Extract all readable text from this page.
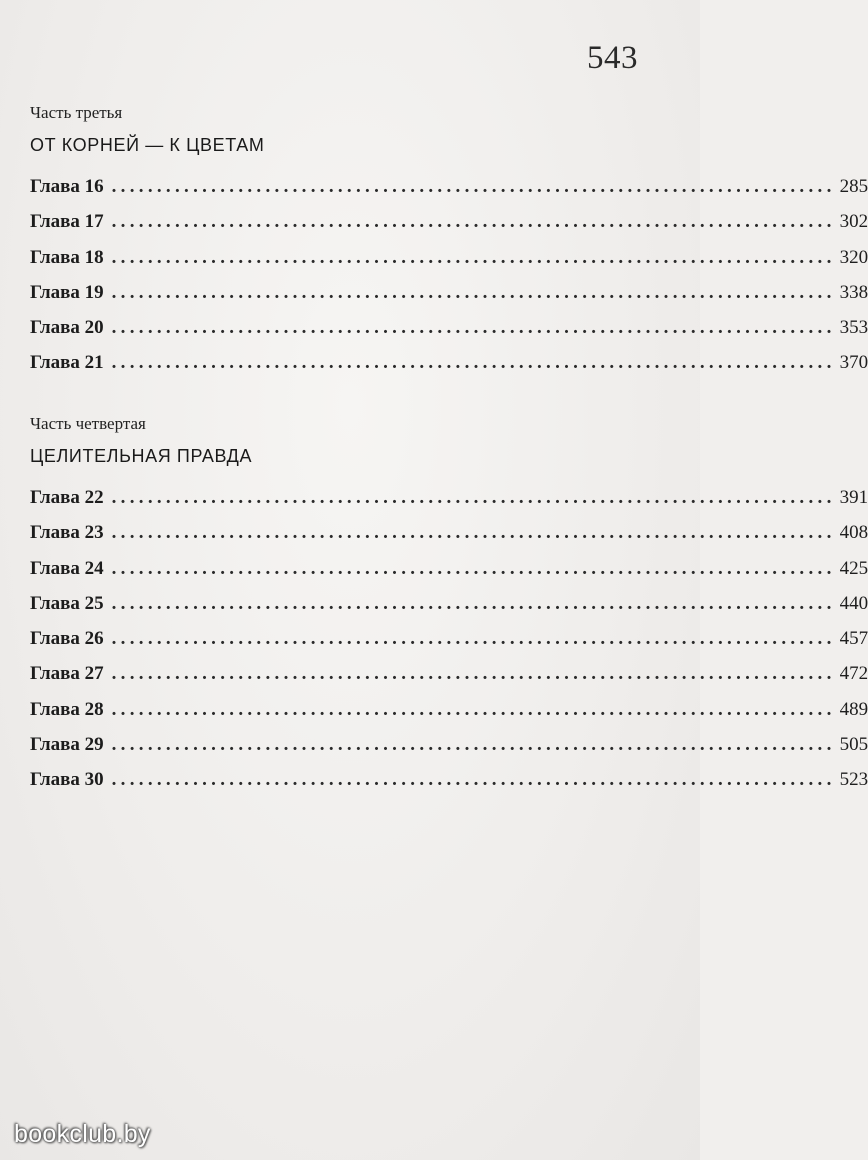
543
Часть третья
ОТ КОРНЕЙ — К ЦВЕТАМ
Глава 16 ................................................................................ 285
Глава 17 ................................................................................ 302
Глава 18 ................................................................................ 320
Глава 19 ................................................................................ 338
Глава 20 ................................................................................ 353
Глава 21 ................................................................................ 370
Часть четвертая
ЦЕЛИТЕЛЬНАЯ ПРАВДА
Глава 22 ................................................................................ 391
Глава 23 ................................................................................ 408
Глава 24 ................................................................................ 425
Глава 25 ................................................................................ 440
Глава 26 ................................................................................ 457
Глава 27 ................................................................................ 472
Глава 28 ................................................................................ 489
Глава 29 ................................................................................ 505
Глава 30 ................................................................................ 523
bookclub.by
